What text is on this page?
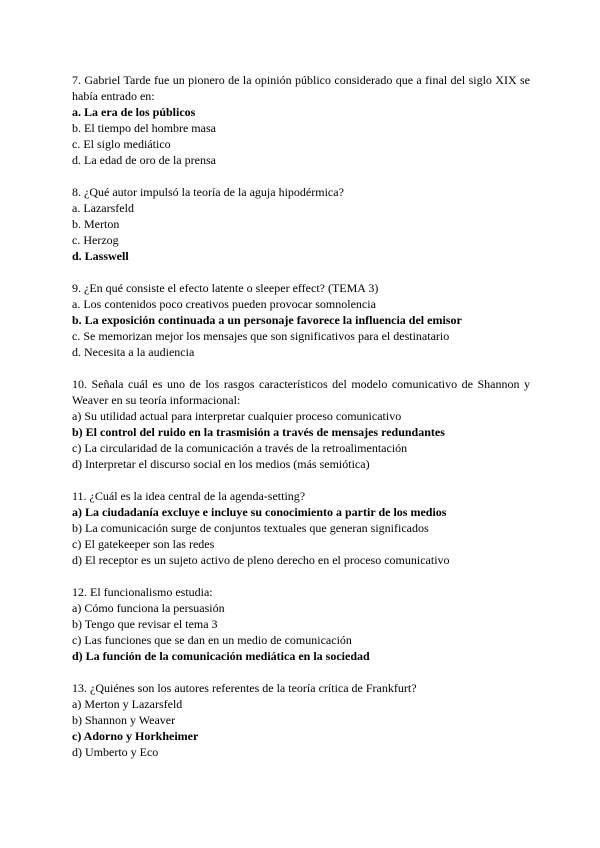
7. Gabriel Tarde fue un pionero de la opinión público considerado que a final del siglo XIX se había entrado en:

a. La era de los públicos

b. El tiempo del hombre masa

c. El siglo mediático

d. La edad de oro de la prensa

8. ¿Qué autor impulsó la teoría de la aguja hipodérmica?

a. Lazarsfeld

b. Merton

c. Herzog

d. Lasswell

9. ¿En qué consiste el efecto latente o sleeper effect? (TEMA 3)

a. Los contenidos poco creativos pueden provocar somnolencia

b. La exposición continuada a un personaje favorece la influencia del emisor

c. Se memorizan mejor los mensajes que son significativos para el destinatario

d. Necesita a la audiencia

10. Señala cuál es uno de los rasgos característicos del modelo comunicativo de Shannon y Weaver en su teoría informacional:

a) Su utilidad actual para interpretar cualquier proceso comunicativo

b) El control del ruido en la trasmisión a través de mensajes redundantes

c) La circularidad de la comunicación a través de la retroalimentación

d) Interpretar el discurso social en los medios (más semiótica)

11. ¿Cuál es la idea central de la agenda-setting?

a) La ciudadanía excluye e incluye su conocimiento a partir de los medios

b) La comunicación surge de conjuntos textuales que generan significados

c) El gatekeeper son las redes

d) El receptor es un sujeto activo de pleno derecho en el proceso comunicativo

12. El funcionalismo estudia:

a) Cómo funciona la persuasión

b) Tengo que revisar el tema 3

c) Las funciones que se dan en un medio de comunicación

d) La función de la comunicación mediática en la sociedad

13. ¿Quiénes son los autores referentes de la teoría crítica de Frankfurt?

a) Merton y Lazarsfeld

b) Shannon y Weaver

c) Adorno y Horkheimer

d) Umberto y Eco
